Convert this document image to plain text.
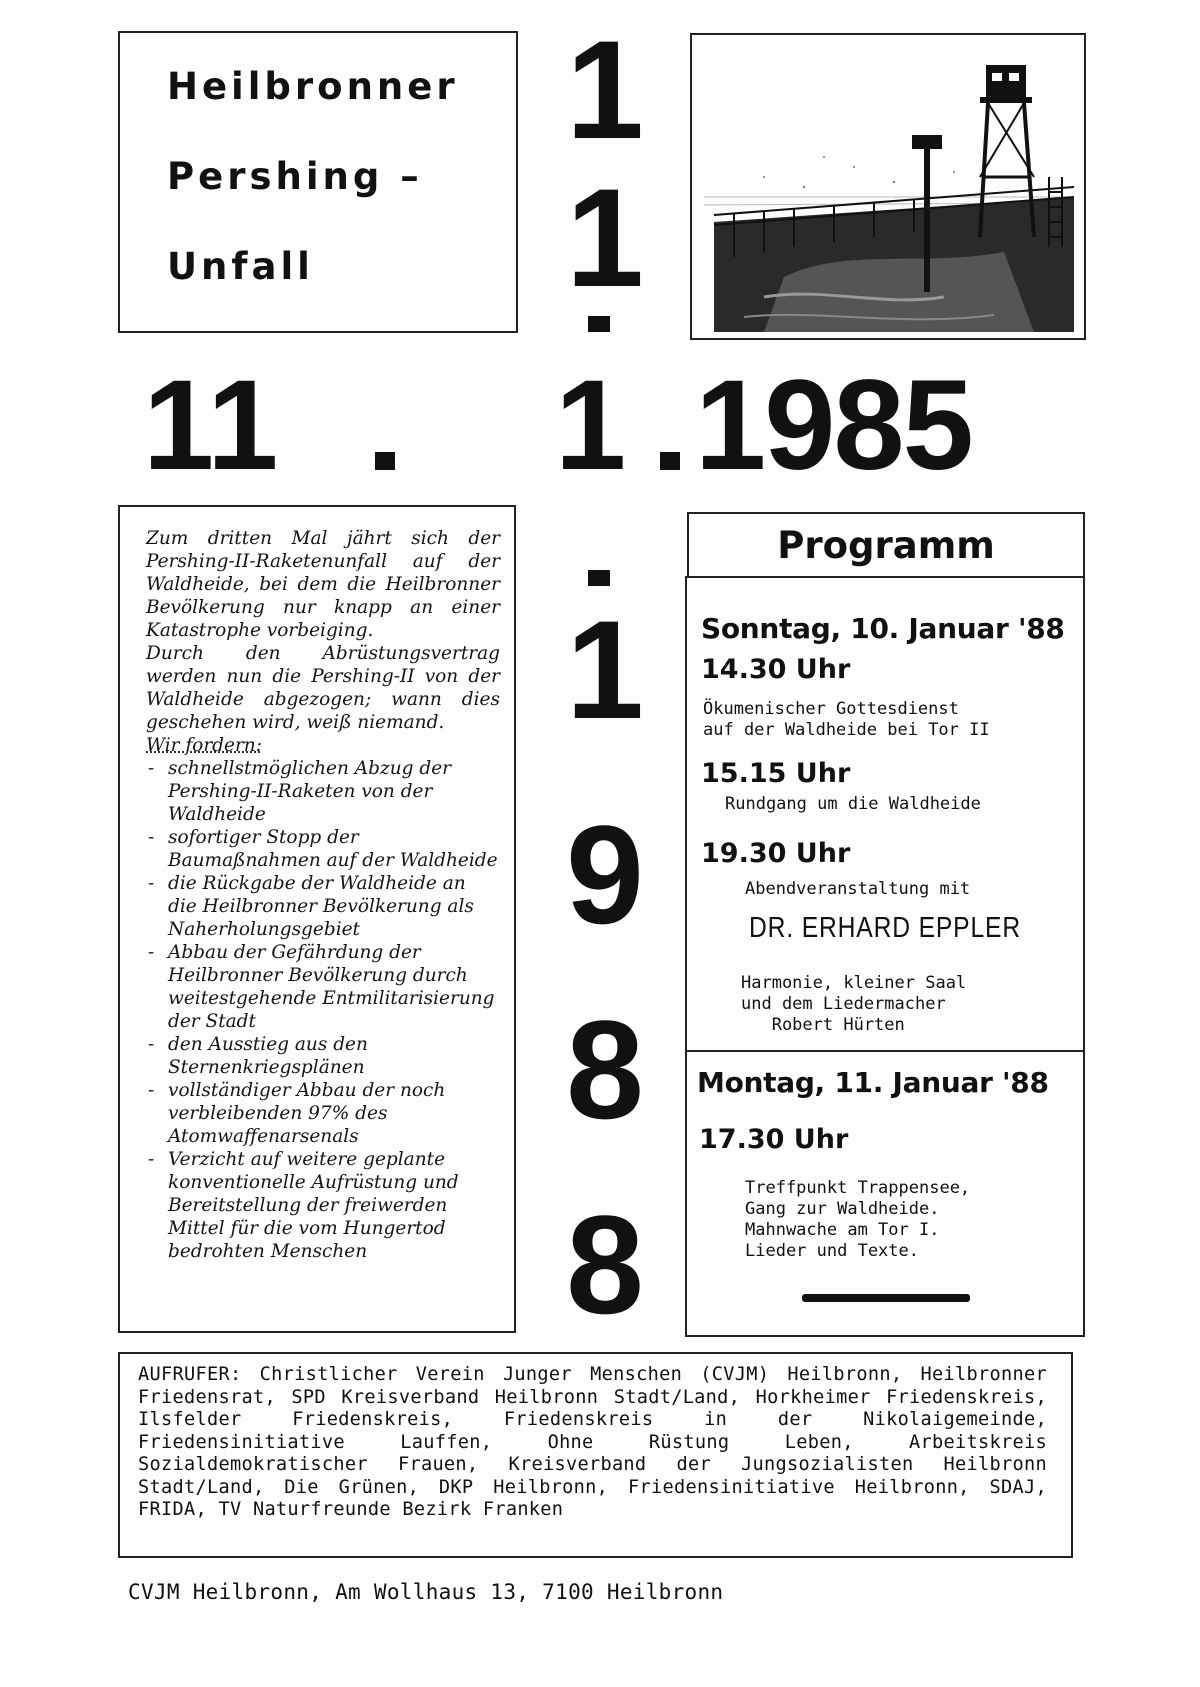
Heilbronner

Pershing –

Unfall

1
1
9
8
8
11 1 1985

Zum dritten Mal jährt sich der Pershing-II-Raketenunfall auf der Waldheide, bei dem die Heilbronner Bevölkerung nur knapp an einer Katastrophe vorbeiging.

Durch den Abrüstungsvertrag werden nun die Pershing-II von der Waldheide abgezogen; wann dies geschehen wird, weiß niemand.

Wir fordern:

- schnellstmöglichen Abzug der Pershing-II-Raketen von der Waldheide
- sofortiger Stopp der Baumaßnahmen auf der Waldheide
- die Rückgabe der Waldheide an die Heilbronner Bevölkerung als Naherholungsgebiet
- Abbau der Gefährdung der Heilbronner Bevölkerung durch weitestgehende Entmilitarisierung der Stadt
- den Ausstieg aus den Sternenkriegsplänen
- vollständiger Abbau der noch verbleibenden 97% des Atomwaffenarsenals
- Verzicht auf weitere geplante konventionelle Aufrüstung und Bereitstellung der freiwerden Mittel für die vom Hungertod bedrohten Menschen
Programm
Sonntag, 10. Januar '88
14.30 Uhr
Ökumenischer Gottesdienst
auf der Waldheide bei Tor II
15.15 Uhr
Rundgang um die Waldheide
19.30 Uhr
Abendveranstaltung mit
DR. ERHARD EPPLER
Harmonie, kleiner Saal
und dem Liedermacher
Robert Hürten
Montag, 11. Januar '88
17.30 Uhr
Treffpunkt Trappensee,
Gang zur Waldheide.
Mahnwache am Tor I.
Lieder und Texte.
AUFRUFER: Christlicher Verein Junger Menschen (CVJM) Heilbronn, Heilbronner Friedensrat, SPD Kreisverband Heilbronn Stadt/Land, Horkheimer Friedenskreis, Ilsfelder Friedenskreis, Friedenskreis in der Nikolaigemeinde, Friedensinitiative Lauffen, Ohne Rüstung Leben, Arbeitskreis Sozialdemokratischer Frauen, Kreisverband der Jungsozialisten Heilbronn Stadt/Land, Die Grünen, DKP Heilbronn, Friedensinitiative Heilbronn, SDAJ, FRIDA, TV Naturfreunde Bezirk Franken
CVJM Heilbronn, Am Wollhaus 13, 7100 Heilbronn
1
